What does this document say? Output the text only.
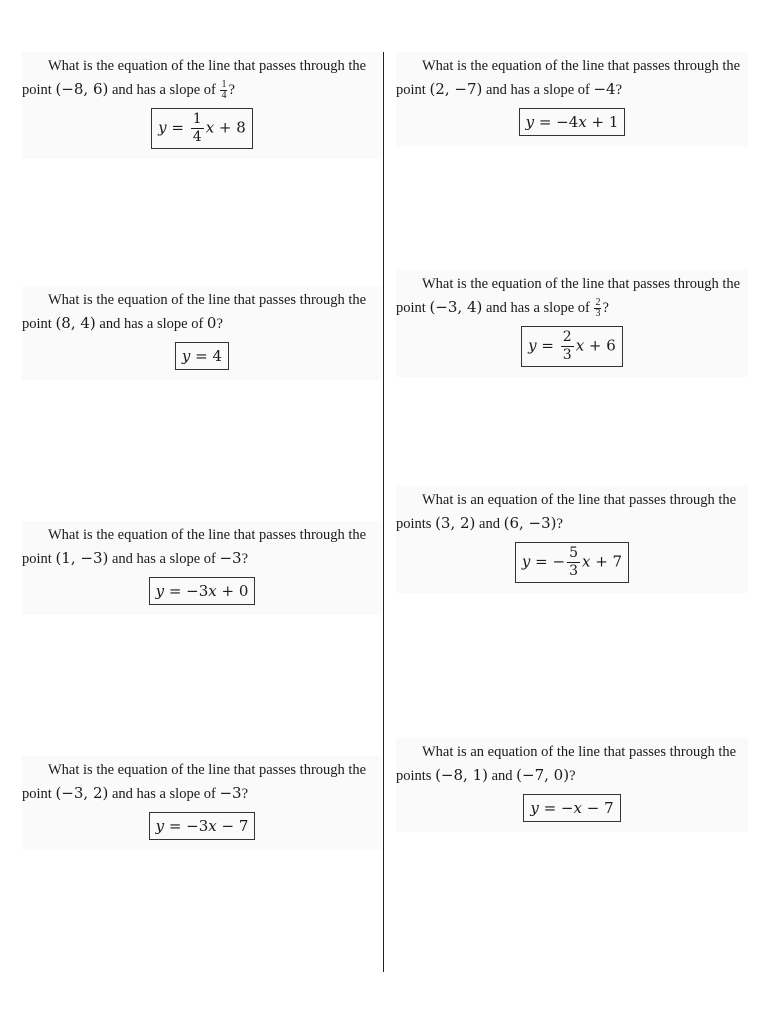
What is the equation of the line that passes through the point (−8, 6) and has a slope of $\frac{1}{4}$ ?

$y = \frac{1}{4}$ x + 8

What is the equation of the line that passes through the point (2, −7) and has a slope of −4?

y = −4x + 1

What is the equation of the line that passes through the point (8, 4) and has a slope of 0?

y = 4

What is the equation of the line that passes through the point (−3, 4) and has a slope of $\frac{2}{3}$ ?

$y = \frac{2}{3}$ x + 6

What is the equation of the line that passes through the point (1, −3) and has a slope of −3?

y = −3x + 0

What is an equation of the line that passes through the points (3, 2) and (6, −3)?

y = − $\frac{5}{3}$ x + 7

What is the equation of the line that passes through the point (−3, 2) and has a slope of −3?

y = −3x − 7

What is an equation of the line that passes through the points (−8, 1) and (−7, 0)?

y = −x − 7
